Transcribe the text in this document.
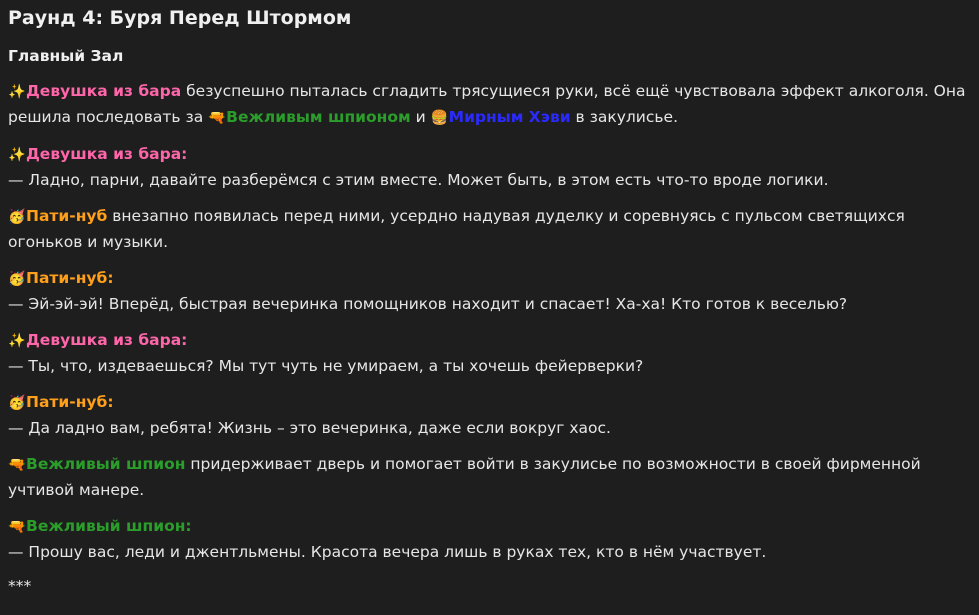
Раунд 4: Буря Перед Штормом
Главный Зал
✨Девушка из бара безуспешно пыталась сгладить трясущиеся руки, всё ещё чувствовала эффект алкоголя. Она решила последовать за 🔫Вежливым шпионом и 🍔Мирным Хэви в закулисье.
✨Девушка из бара:
— Ладно, парни, давайте разберёмся с этим вместе. Может быть, в этом есть что-то вроде логики.
🥳Пати-нуб внезапно появилась перед ними, усердно надувая дуделку и соревнуясь с пульсом светящихся огоньков и музыки.
🥳Пати-нуб:
— Эй-эй-эй! Вперёд, быстрая вечеринка помощников находит и спасает! Ха-ха! Кто готов к веселью?
✨Девушка из бара:
— Ты, что, издеваешься? Мы тут чуть не умираем, а ты хочешь фейерверки?
🥳Пати-нуб:
— Да ладно вам, ребята! Жизнь – это вечеринка, даже если вокруг хаос.
🔫Вежливый шпион придерживает дверь и помогает войти в закулисье по возможности в своей фирменной учтивой манере.
🔫Вежливый шпион:
— Прошу вас, леди и джентльмены. Красота вечера лишь в руках тех, кто в нём участвует.
***
